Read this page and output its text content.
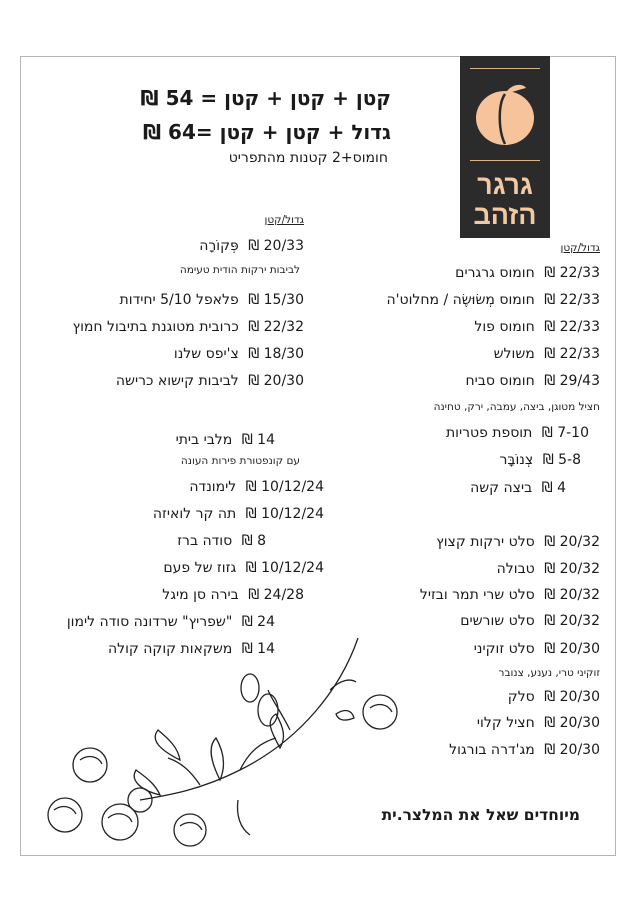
גרגר
הזהב
קטן + קטן + קטן = 54 ₪
גדול + קטן + קטן =64 ₪
חומוס+2 קטנות מהתפריט
גדול/קטן
גדול/קטן
22/33 ₪ חומוס גרגרים
22/33 ₪ חומוס מְשׂוּשֶׂה / מחלוט'ה
22/33 ₪ חומוס פול
22/33 ₪ משולש
29/43 ₪ חומוס סביח
חציל מטוגן, ביצה, עמבה, ירק, טחינה
7-10 ₪ תוספת פטריות
5-8 ₪ צְנוֹבָּר
4 ₪ ביצה קשה
20/32 ₪ סלט ירקות קצוץ
20/32 ₪ טבולה
20/32 ₪ סלט שרי תמר ובזיל
20/32 ₪ סלט שורשים
20/30 ₪ סלט זוקיני
זוקיני טרי, נענע, צנובר
20/30 ₪ סלק
20/30 ₪ חציל קלוי
20/30 ₪ מג'דרה בורגול
20/33 ₪ פְּקוֹרָה
לביבות ירקות הודית טעימה
15/30 ₪ פלאפל 5/10 יחידות
22/32 ₪ כרובית מטוגנת בתיבול חמוץ
18/30 ₪ צ'יפס שלנו
20/30 ₪ לביבות קישוא כרישה
14 ₪ מלבי ביתי
עם קונפטורת פירות העונה
10/12/24 ₪ לימונדה
10/12/24 ₪ תה קר לואיזה
8 ₪ סודה ברז
10/12/24 ₪ גזוז של פעם
24/28 ₪ בירה סן מיגל
24 ₪ "שפריץ" שרדונה סודה לימון
14 ₪ משקאות קוקה קולה
מיוחדים שאל את המלצר.ית
